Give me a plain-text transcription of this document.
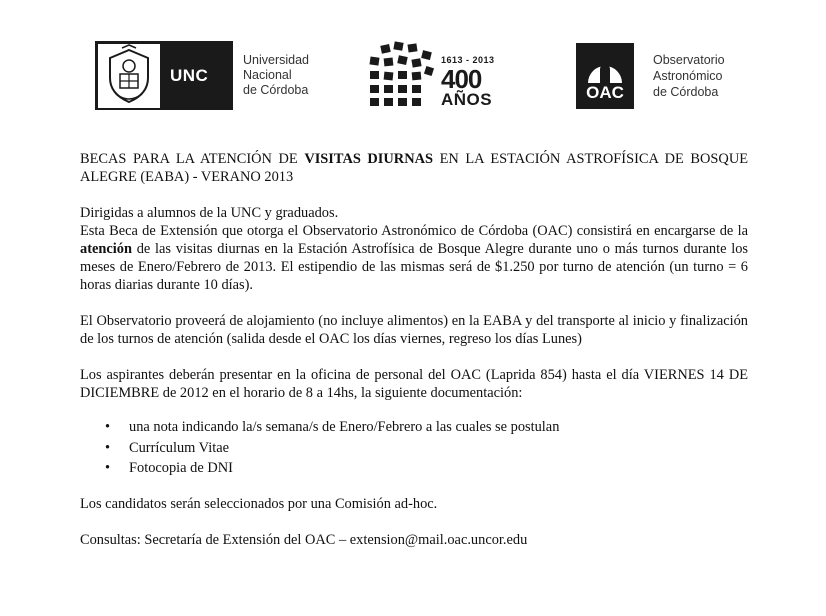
UNC
Universidad
Nacional
de Córdoba
1613 - 2013
400
AÑOS	OAC
Observatorio
Astronómico
de Córdoba

BECAS PARA LA ATENCIÓN DE VISITAS DIURNAS EN LA ESTACIÓN ASTROFÍSICA DE BOSQUE ALEGRE (EABA) - VERANO 2013

Dirigidas a alumnos de la UNC y graduados.

Esta Beca de Extensión que otorga el Observatorio Astronómico de Córdoba (OAC) consistirá en encargarse de la atención de las visitas diurnas en la Estación Astrofísica de Bosque Alegre durante uno o más turnos durante los meses de Enero/Febrero de 2013. El estipendio de las mismas será de $1.250 por turno de atención (un turno = 6 horas diarias durante 10 días).

El Observatorio proveerá de alojamiento (no incluye alimentos) en la EABA y del transporte al inicio y finalización de los turnos de atención (salida desde el OAC los días viernes, regreso los días Lunes)

Los aspirantes deberán presentar en la oficina de personal del OAC (Laprida 854) hasta el día VIERNES 14 DE DICIEMBRE de 2012 en el horario de 8 a 14hs, la siguiente documentación:

• una nota indicando la/s semana/s de Enero/Febrero a las cuales se postulan
• Currículum Vitae
• Fotocopia de DNI

Los candidatos serán seleccionados por una Comisión ad-hoc.

Consultas: Secretaría de Extensión del OAC – extension@mail.oac.uncor.edu
